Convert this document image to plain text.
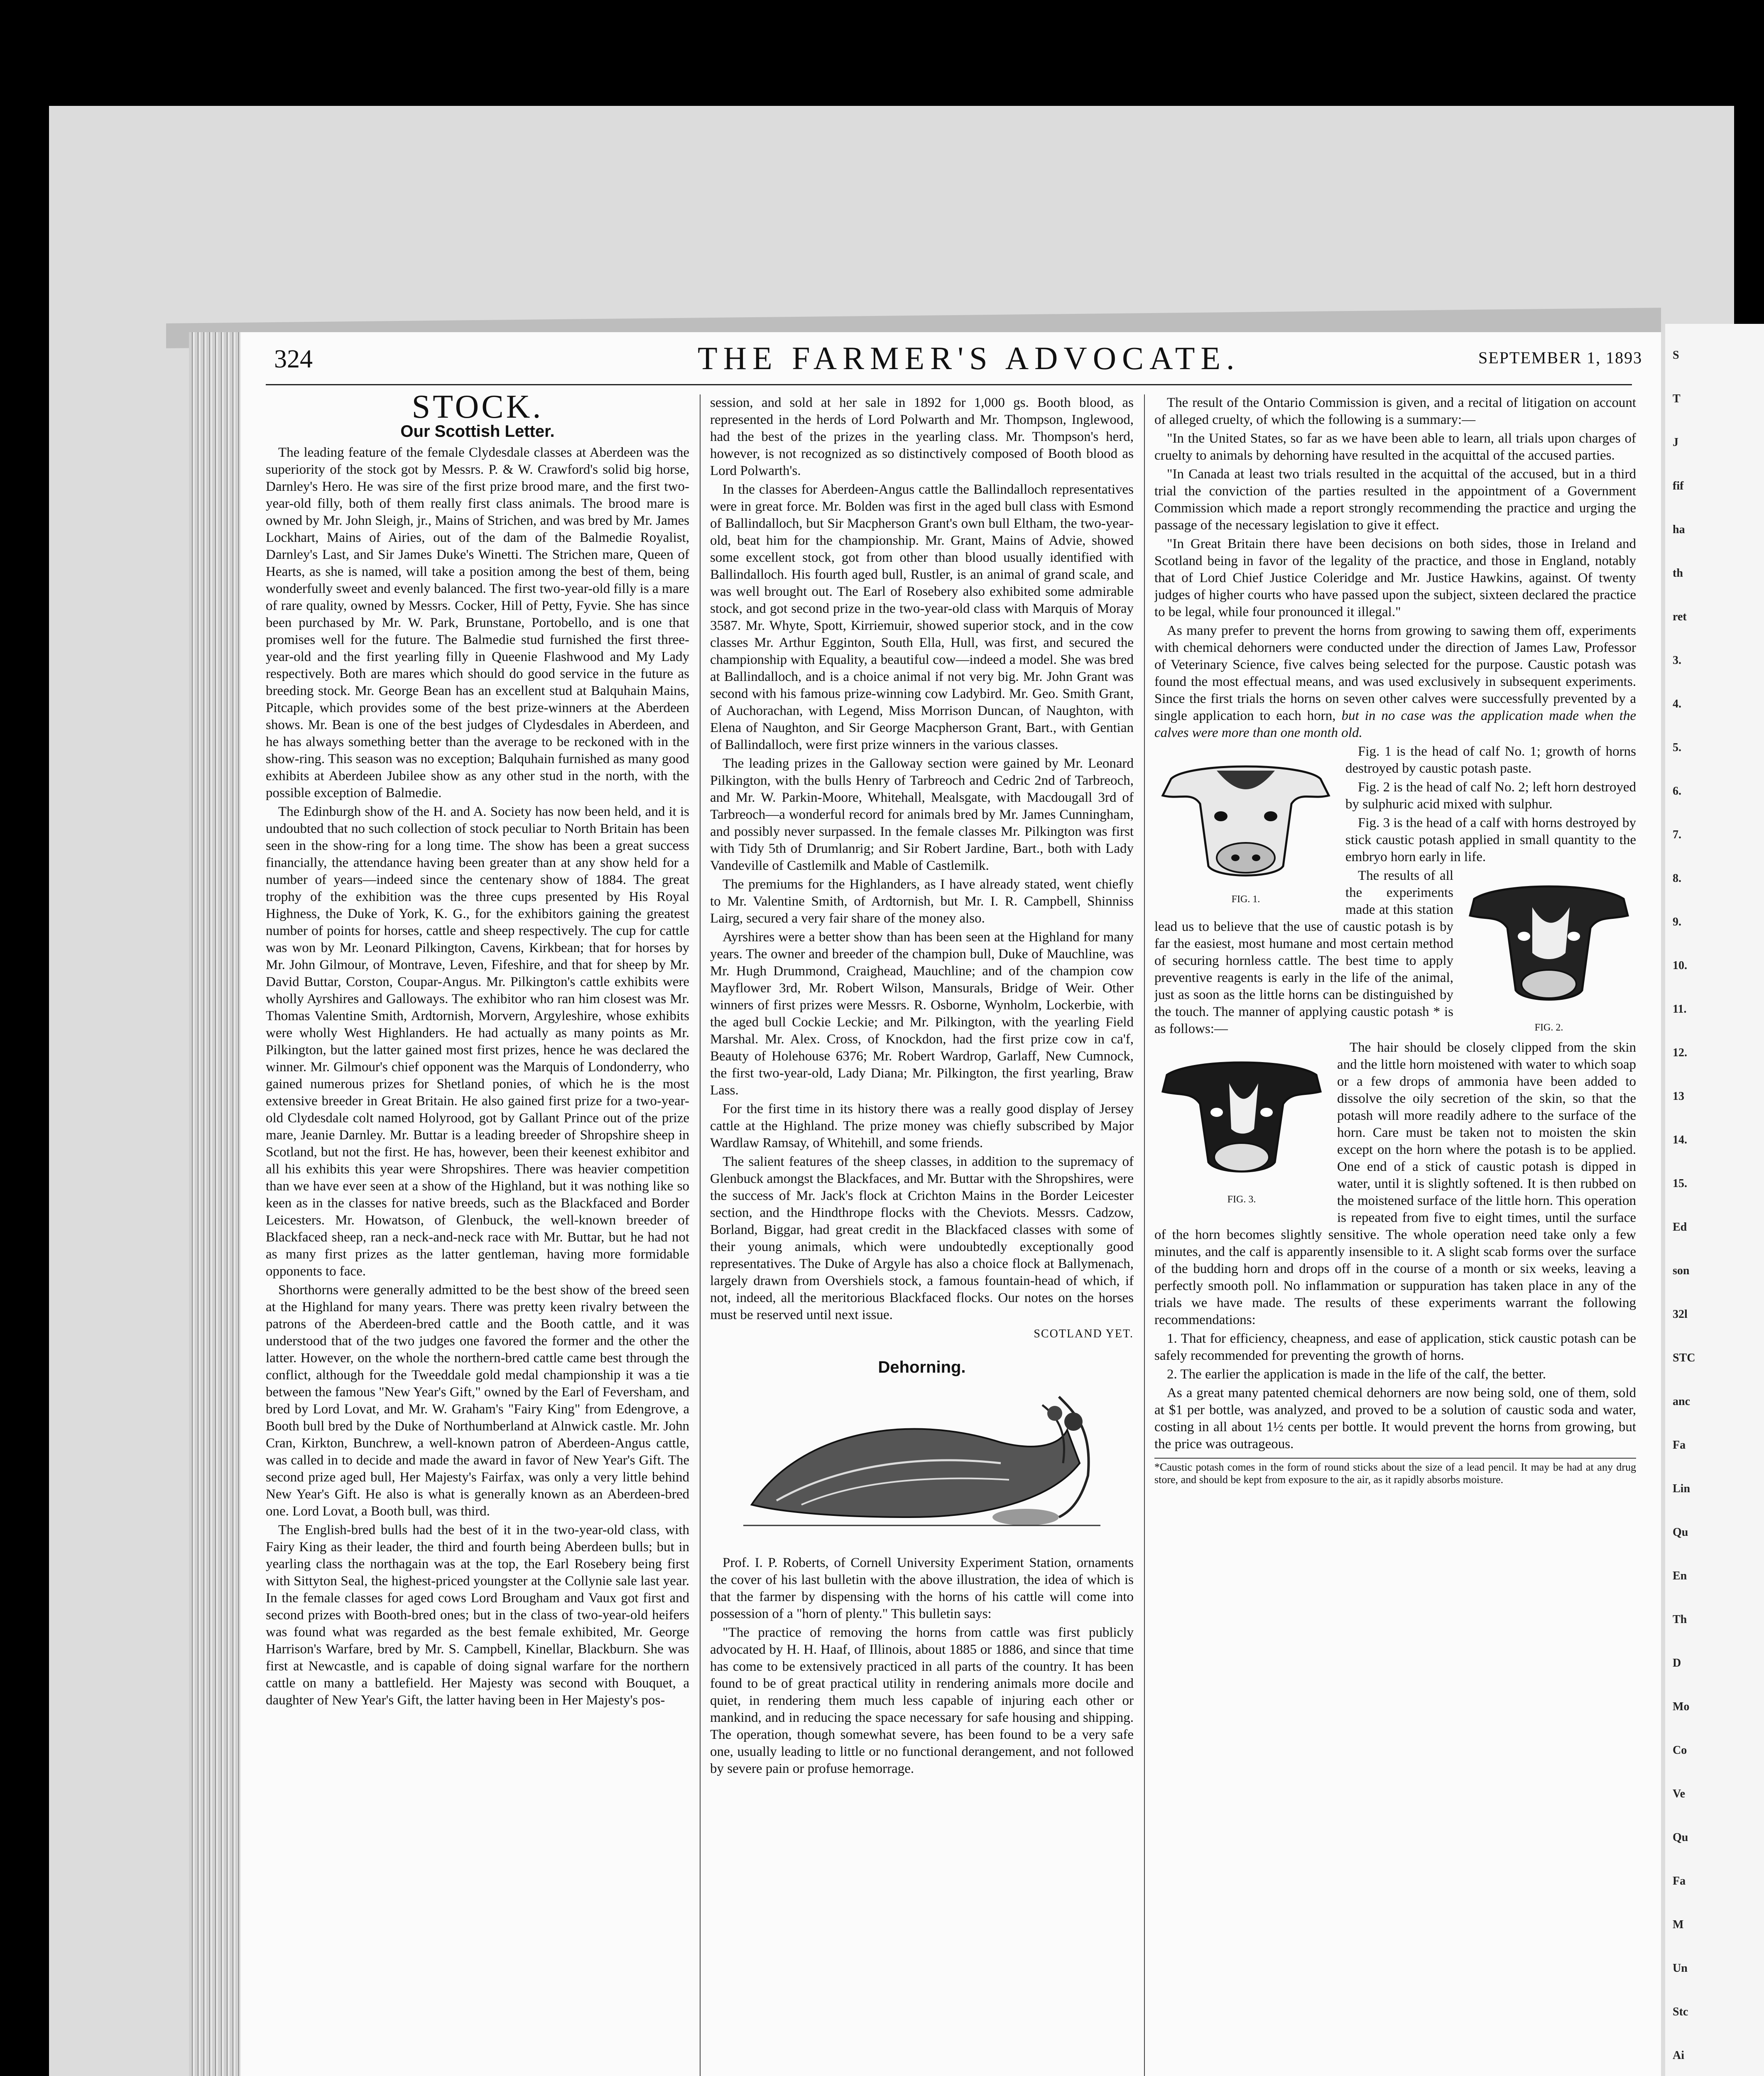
S
T
J
fif
ha
th
ret
3.
4.
5.
6.
7.
8.
9.
10.
11.
12.
13
14.
15.
Ed
son
32l
STC
anc
Fa
Lin
Qu
En
Th
D
Mo
Co
Ve
Qu
Fa
M
Un
Stc
Ai
324	THE FARMER'S ADVOCATE.	SEPTEMBER 1, 1893
STOCK.
Our Scottish Letter.

The leading feature of the female Clydesdale classes at Aberdeen was the superiority of the stock got by Messrs. P. & W. Crawford's solid big horse, Darnley's Hero. He was sire of the first prize brood mare, and the first two-year-old filly, both of them really first class animals. The brood mare is owned by Mr. John Sleigh, jr., Mains of Strichen, and was bred by Mr. James Lockhart, Mains of Airies, out of the dam of the Balmedie Royalist, Darnley's Last, and Sir James Duke's Winetti. The Strichen mare, Queen of Hearts, as she is named, will take a position among the best of them, being wonderfully sweet and evenly balanced. The first two-year-old filly is a mare of rare quality, owned by Messrs. Cocker, Hill of Petty, Fyvie. She has since been purchased by Mr. W. Park, Brunstane, Portobello, and is one that promises well for the future. The Balmedie stud furnished the first three-year-old and the first yearling filly in Queenie Flashwood and My Lady respectively. Both are mares which should do good service in the future as breeding stock. Mr. George Bean has an excellent stud at Balquhain Mains, Pitcaple, which provides some of the best prize-winners at the Aberdeen shows. Mr. Bean is one of the best judges of Clydesdales in Aberdeen, and he has always something better than the average to be reckoned with in the show-ring. This season was no exception; Balquhain furnished as many good exhibits at Aberdeen Jubilee show as any other stud in the north, with the possible exception of Balmedie.

The Edinburgh show of the H. and A. Society has now been held, and it is undoubted that no such collection of stock peculiar to North Britain has been seen in the show-ring for a long time. The show has been a great success financially, the attendance having been greater than at any show held for a number of years—indeed since the centenary show of 1884. The great trophy of the exhibition was the three cups presented by His Royal Highness, the Duke of York, K. G., for the exhibitors gaining the greatest number of points for horses, cattle and sheep respectively. The cup for cattle was won by Mr. Leonard Pilkington, Cavens, Kirkbean; that for horses by Mr. John Gilmour, of Montrave, Leven, Fifeshire, and that for sheep by Mr. David Buttar, Corston, Coupar-Angus. Mr. Pilkington's cattle exhibits were wholly Ayrshires and Galloways. The exhibitor who ran him closest was Mr. Thomas Valentine Smith, Ardtornish, Morvern, Argyleshire, whose exhibits were wholly West Highlanders. He had actually as many points as Mr. Pilkington, but the latter gained most first prizes, hence he was declared the winner. Mr. Gilmour's chief opponent was the Marquis of Londonderry, who gained numerous prizes for Shetland ponies, of which he is the most extensive breeder in Great Britain. He also gained first prize for a two-year-old Clydesdale colt named Holyrood, got by Gallant Prince out of the prize mare, Jeanie Darnley. Mr. Buttar is a leading breeder of Shropshire sheep in Scotland, but not the first. He has, however, been their keenest exhibitor and all his exhibits this year were Shropshires. There was heavier competition than we have ever seen at a show of the Highland, but it was nothing like so keen as in the classes for native breeds, such as the Blackfaced and Border Leicesters. Mr. Howatson, of Glenbuck, the well-known breeder of Blackfaced sheep, ran a neck-and-neck race with Mr. Buttar, but he had not as many first prizes as the latter gentleman, having more formidable opponents to face.

Shorthorns were generally admitted to be the best show of the breed seen at the Highland for many years. There was pretty keen rivalry between the patrons of the Aberdeen-bred cattle and the Booth cattle, and it was understood that of the two judges one favored the former and the other the latter. However, on the whole the northern-bred cattle came best through the conflict, although for the Tweeddale gold medal championship it was a tie between the famous "New Year's Gift," owned by the Earl of Feversham, and bred by Lord Lovat, and Mr. W. Graham's "Fairy King" from Edengrove, a Booth bull bred by the Duke of Northumberland at Alnwick castle. Mr. John Cran, Kirkton, Bunchrew, a well-known patron of Aberdeen-Angus cattle, was called in to decide and made the award in favor of New Year's Gift. The second prize aged bull, Her Majesty's Fairfax, was only a very little behind New Year's Gift. He also is what is generally known as an Aberdeen-bred one. Lord Lovat, a Booth bull, was third.

The English-bred bulls had the best of it in the two-year-old class, with Fairy King as their leader, the third and fourth being Aberdeen bulls; but in yearling class the northagain was at the top, the Earl Rosebery being first with Sittyton Seal, the highest-priced youngster at the Collynie sale last year. In the female classes for aged cows Lord Brougham and Vaux got first and second prizes with Booth-bred ones; but in the class of two-year-old heifers was found what was regarded as the best female exhibited, Mr. George Harrison's Warfare, bred by Mr. S. Campbell, Kinellar, Blackburn. She was first at Newcastle, and is capable of doing signal warfare for the northern cattle on many a battlefield. Her Majesty was second with Bouquet, a daughter of New Year's Gift, the latter having been in Her Majesty's pos-

session, and sold at her sale in 1892 for 1,000 gs. Booth blood, as represented in the herds of Lord Polwarth and Mr. Thompson, Inglewood, had the best of the prizes in the yearling class. Mr. Thompson's herd, however, is not recognized as so distinctively composed of Booth blood as Lord Polwarth's.

In the classes for Aberdeen-Angus cattle the Ballindalloch representatives were in great force. Mr. Bolden was first in the aged bull class with Esmond of Ballindalloch, but Sir Macpherson Grant's own bull Eltham, the two-year-old, beat him for the championship. Mr. Grant, Mains of Advie, showed some excellent stock, got from other than blood usually identified with Ballindalloch. His fourth aged bull, Rustler, is an animal of grand scale, and was well brought out. The Earl of Rosebery also exhibited some admirable stock, and got second prize in the two-year-old class with Marquis of Moray 3587. Mr. Whyte, Spott, Kirriemuir, showed superior stock, and in the cow classes Mr. Arthur Egginton, South Ella, Hull, was first, and secured the championship with Equality, a beautiful cow—indeed a model. She was bred at Ballindalloch, and is a choice animal if not very big. Mr. John Grant was second with his famous prize-winning cow Ladybird. Mr. Geo. Smith Grant, of Auchorachan, with Legend, Miss Morrison Duncan, of Naughton, with Elena of Naughton, and Sir George Macpherson Grant, Bart., with Gentian of Ballindalloch, were first prize winners in the various classes.

The leading prizes in the Galloway section were gained by Mr. Leonard Pilkington, with the bulls Henry of Tarbreoch and Cedric 2nd of Tarbreoch, and Mr. W. Parkin-Moore, Whitehall, Mealsgate, with Macdougall 3rd of Tarbreoch—a wonderful record for animals bred by Mr. James Cunningham, and possibly never surpassed. In the female classes Mr. Pilkington was first with Tidy 5th of Drumlanrig; and Sir Robert Jardine, Bart., both with Lady Vandeville of Castlemilk and Mable of Castlemilk.

The premiums for the Highlanders, as I have already stated, went chiefly to Mr. Valentine Smith, of Ardtornish, but Mr. I. R. Campbell, Shinniss Lairg, secured a very fair share of the money also.

Ayrshires were a better show than has been seen at the Highland for many years. The owner and breeder of the champion bull, Duke of Mauchline, was Mr. Hugh Drummond, Craighead, Mauchline; and of the champion cow Mayflower 3rd, Mr. Robert Wilson, Mansurals, Bridge of Weir. Other winners of first prizes were Messrs. R. Osborne, Wynholm, Lockerbie, with the aged bull Cockie Leckie; and Mr. Pilkington, with the yearling Field Marshal. Mr. Alex. Cross, of Knockdon, had the first prize cow in ca'f, Beauty of Holehouse 6376; Mr. Robert Wardrop, Garlaff, New Cumnock, the first two-year-old, Lady Diana; Mr. Pilkington, the first yearling, Braw Lass.

For the first time in its history there was a really good display of Jersey cattle at the Highland. The prize money was chiefly subscribed by Major Wardlaw Ramsay, of Whitehill, and some friends.

The salient features of the sheep classes, in addition to the supremacy of Glenbuck amongst the Blackfaces, and Mr. Buttar with the Shropshires, were the success of Mr. Jack's flock at Crichton Mains in the Border Leicester section, and the Hindthrope flocks with the Cheviots. Messrs. Cadzow, Borland, Biggar, had great credit in the Blackfaced classes with some of their young animals, which were undoubtedly exceptionally good representatives. The Duke of Argyle has also a choice flock at Ballymenach, largely drawn from Overshiels stock, a famous fountain-head of which, if not, indeed, all the meritorious Blackfaced flocks. Our notes on the horses must be reserved until next issue.

SCOTLAND YET.
Dehorning.

Prof. I. P. Roberts, of Cornell University Experiment Station, ornaments the cover of his last bulletin with the above illustration, the idea of which is that the farmer by dispensing with the horns of his cattle will come into possession of a "horn of plenty." This bulletin says:

"The practice of removing the horns from cattle was first publicly advocated by H. H. Haaf, of Illinois, about 1885 or 1886, and since that time has come to be extensively practiced in all parts of the country. It has been found to be of great practical utility in rendering animals more docile and quiet, in rendering them much less capable of injuring each other or mankind, and in reducing the space necessary for safe housing and shipping. The operation, though somewhat severe, has been found to be a very safe one, usually leading to little or no functional derangement, and not followed by severe pain or profuse hemorrage.

The result of the Ontario Commission is given, and a recital of litigation on account of alleged cruelty, of which the following is a summary:—

"In the United States, so far as we have been able to learn, all trials upon charges of cruelty to animals by dehorning have resulted in the acquittal of the accused parties.

"In Canada at least two trials resulted in the acquittal of the accused, but in a third trial the conviction of the parties resulted in the appointment of a Government Commission which made a report strongly recommending the practice and urging the passage of the necessary legislation to give it effect.

"In Great Britain there have been decisions on both sides, those in Ireland and Scotland being in favor of the legality of the practice, and those in England, notably that of Lord Chief Justice Coleridge and Mr. Justice Hawkins, against. Of twenty judges of higher courts who have passed upon the subject, sixteen declared the practice to be legal, while four pronounced it illegal."

As many prefer to prevent the horns from growing to sawing them off, experiments with chemical dehorners were conducted under the direction of James Law, Professor of Veterinary Science, five calves being selected for the purpose. Caustic potash was found the most effectual means, and was used exclusively in subsequent experiments. Since the first trials the horns on seven other calves were successfully prevented by a single application to each horn, but in no case was the application made when the calves were more than one month old.

FIG. 1.

Fig. 1 is the head of calf No. 1; growth of horns destroyed by caustic potash paste.

Fig. 2 is the head of calf No. 2; left horn destroyed by sulphuric acid mixed with sulphur.

Fig. 3 is the head of a calf with horns destroyed by stick caustic potash applied in small quantity to the embryo horn early in life.

FIG. 2.

The results of all the experiments made at this station lead us to believe that the use of caustic potash is by far the easiest, most humane and most certain method of securing hornless cattle. The best time to apply preventive reagents is early in the life of the animal, just as soon as the little horns can be distinguished by the touch. The manner of applying caustic potash * is as follows:—

FIG. 3.

The hair should be closely clipped from the skin and the little horn moistened with water to which soap or a few drops of ammonia have been added to dissolve the oily secretion of the skin, so that the potash will more readily adhere to the surface of the horn. Care must be taken not to moisten the skin except on the horn where the potash is to be applied. One end of a stick of caustic potash is dipped in water, until it is slightly softened. It is then rubbed on the moistened surface of the little horn. This operation is repeated from five to eight times, until the surface of the horn becomes slightly sensitive. The whole operation need take only a few minutes, and the calf is apparently insensible to it. A slight scab forms over the surface of the budding horn and drops off in the course of a month or six weeks, leaving a perfectly smooth poll. No inflammation or suppuration has taken place in any of the trials we have made. The results of these experiments warrant the following recommendations:

1. That for efficiency, cheapness, and ease of application, stick caustic potash can be safely recommended for preventing the growth of horns.

2. The earlier the application is made in the life of the calf, the better.

As a great many patented chemical dehorners are now being sold, one of them, sold at $1 per bottle, was analyzed, and proved to be a solution of caustic soda and water, costing in all about 1½ cents per bottle. It would prevent the horns from growing, but the price was outrageous.

*Caustic potash comes in the form of round sticks about the size of a lead pencil. It may be had at any drug store, and should be kept from exposure to the air, as it rapidly absorbs moisture.
